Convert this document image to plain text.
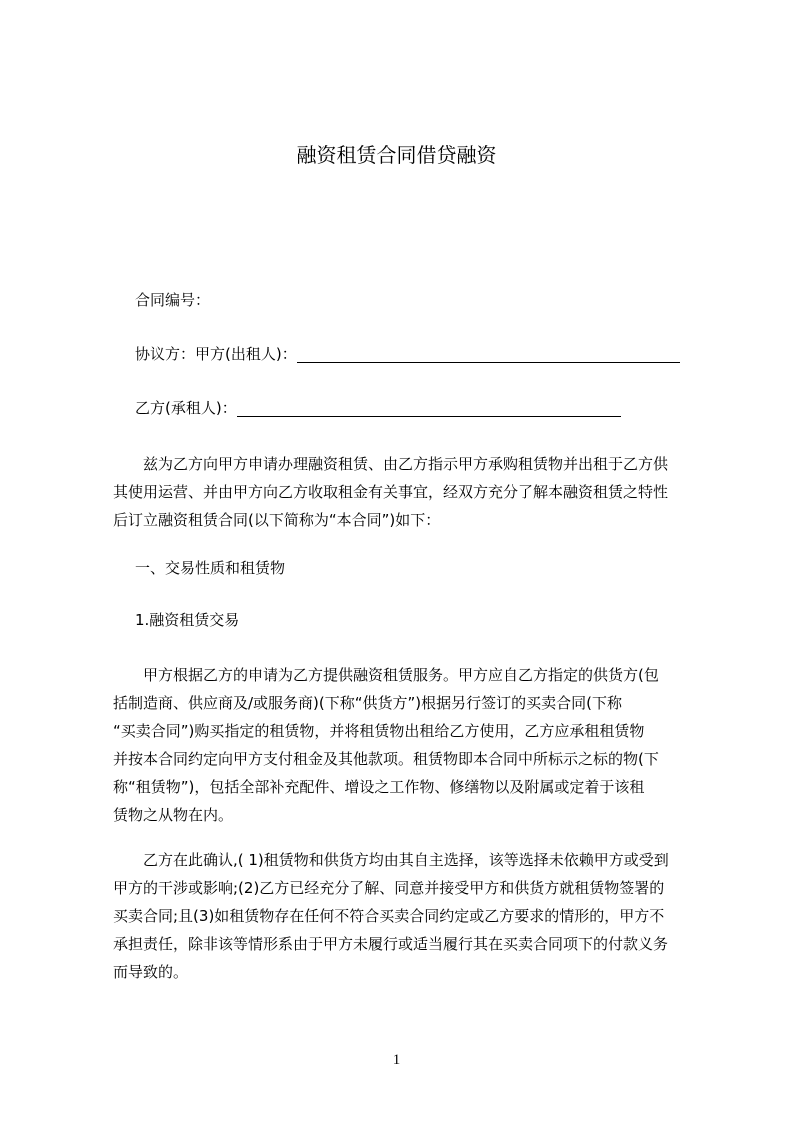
融资租赁合同借贷融资
合同编号：
协议方：甲方(出租人)：
乙方(承租人)：
兹为乙方向甲方申请办理融资租赁、由乙方指示甲方承购租赁物并出租于乙方供
其使用运营、并由甲方向乙方收取租金有关事宜，经双方充分了解本融资租赁之特性
后订立融资租赁合同(以下简称为“本合同”)如下：
一、交易性质和租赁物
1.融资租赁交易
甲方根据乙方的申请为乙方提供融资租赁服务。甲方应自乙方指定的供货方(包
括制造商、供应商及/或服务商)(下称“供货方”)根据另行签订的买卖合同(下称
“买卖合同”)购买指定的租赁物，并将租赁物出租给乙方使用，乙方应承租租赁物
并按本合同约定向甲方支付租金及其他款项。租赁物即本合同中所标示之标的物(下
称“租赁物”)，包括全部补充配件、增设之工作物、修缮物以及附属或定着于该租
赁物之从物在内。
乙方在此确认,( 1)租赁物和供货方均由其自主选择，该等选择未依赖甲方或受到
甲方的干涉或影响;(2)乙方已经充分了解、同意并接受甲方和供货方就租赁物签署的
买卖合同;且(3)如租赁物存在任何不符合买卖合同约定或乙方要求的情形的，甲方不
承担责任，除非该等情形系由于甲方未履行或适当履行其在买卖合同项下的付款义务
而导致的。
1
